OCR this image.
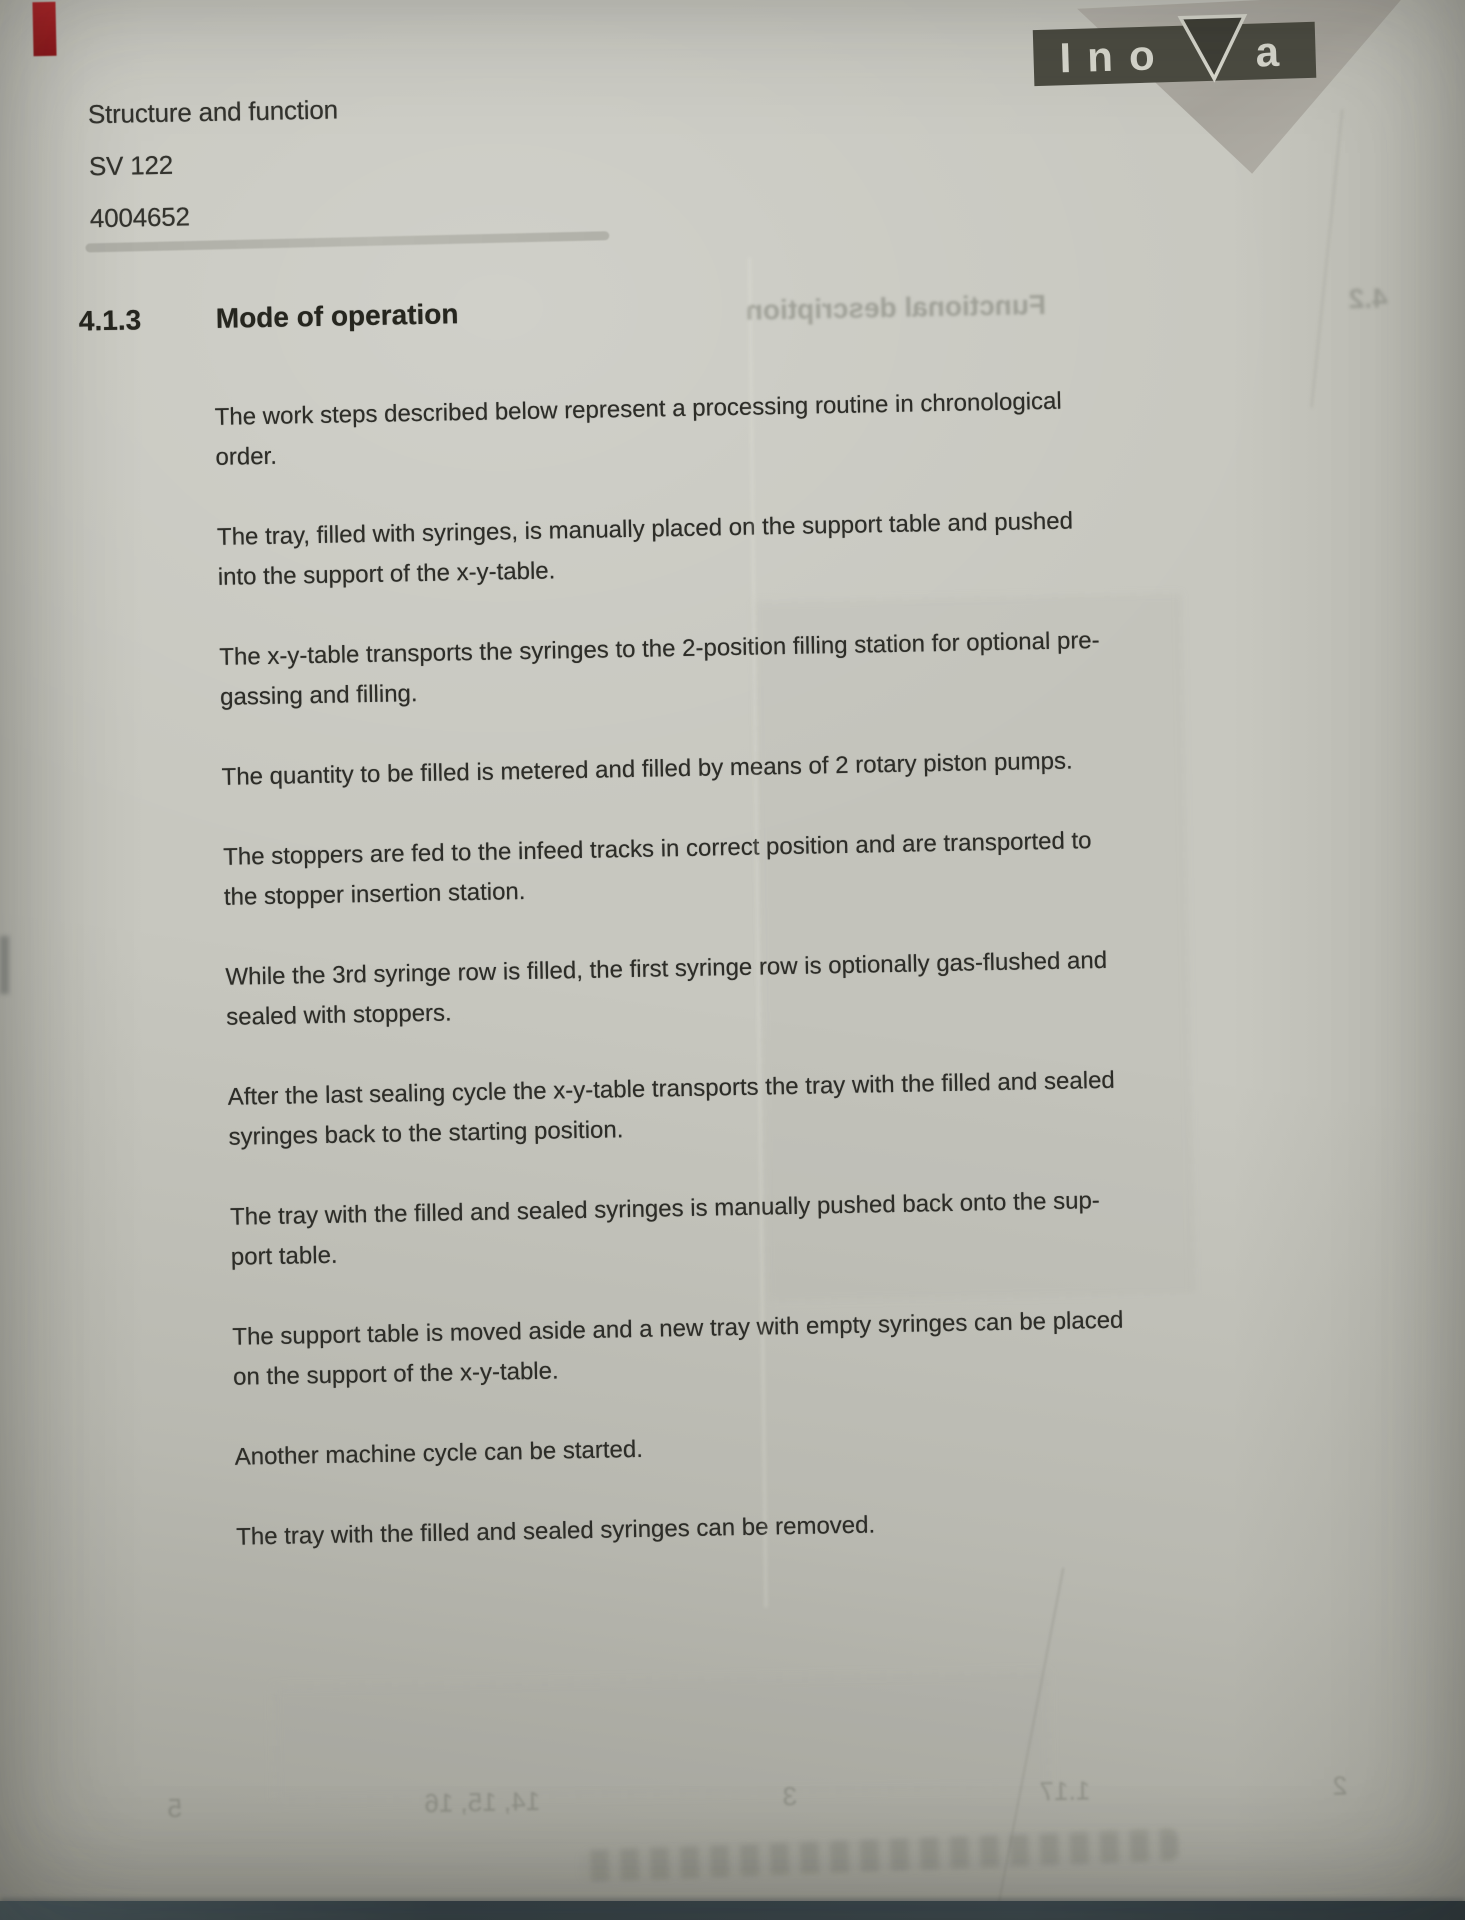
Structure and function
SV 122
4004652
4.1.3	Mode of operation	Functional description	4.2

The work steps described below represent a processing routine in chronological
order.

The tray, filled with syringes, is manually placed on the support table and pushed
into the support of the x-y-table.

The x-y-table transports the syringes to the 2-position filling station for optional pre-
gassing and filling.

The quantity to be filled is metered and filled by means of 2 rotary piston pumps.

The stoppers are fed to the infeed tracks in correct position and are transported to
the stopper insertion station.

While the 3rd syringe row is filled, the first syringe row is optionally gas-flushed and
sealed with stoppers.

After the last sealing cycle the x-y-table transports the tray with the filled and sealed
syringes back to the starting position.

The tray with the filled and sealed syringes is manually pushed back onto the sup-
port table.

The support table is moved aside and a new tray with empty syringes can be placed
on the support of the x-y-table.

Another machine cycle can be started.

The tray with the filled and sealed syringes can be removed.

2
1.17
3
14, 15, 16
5
Ino a
